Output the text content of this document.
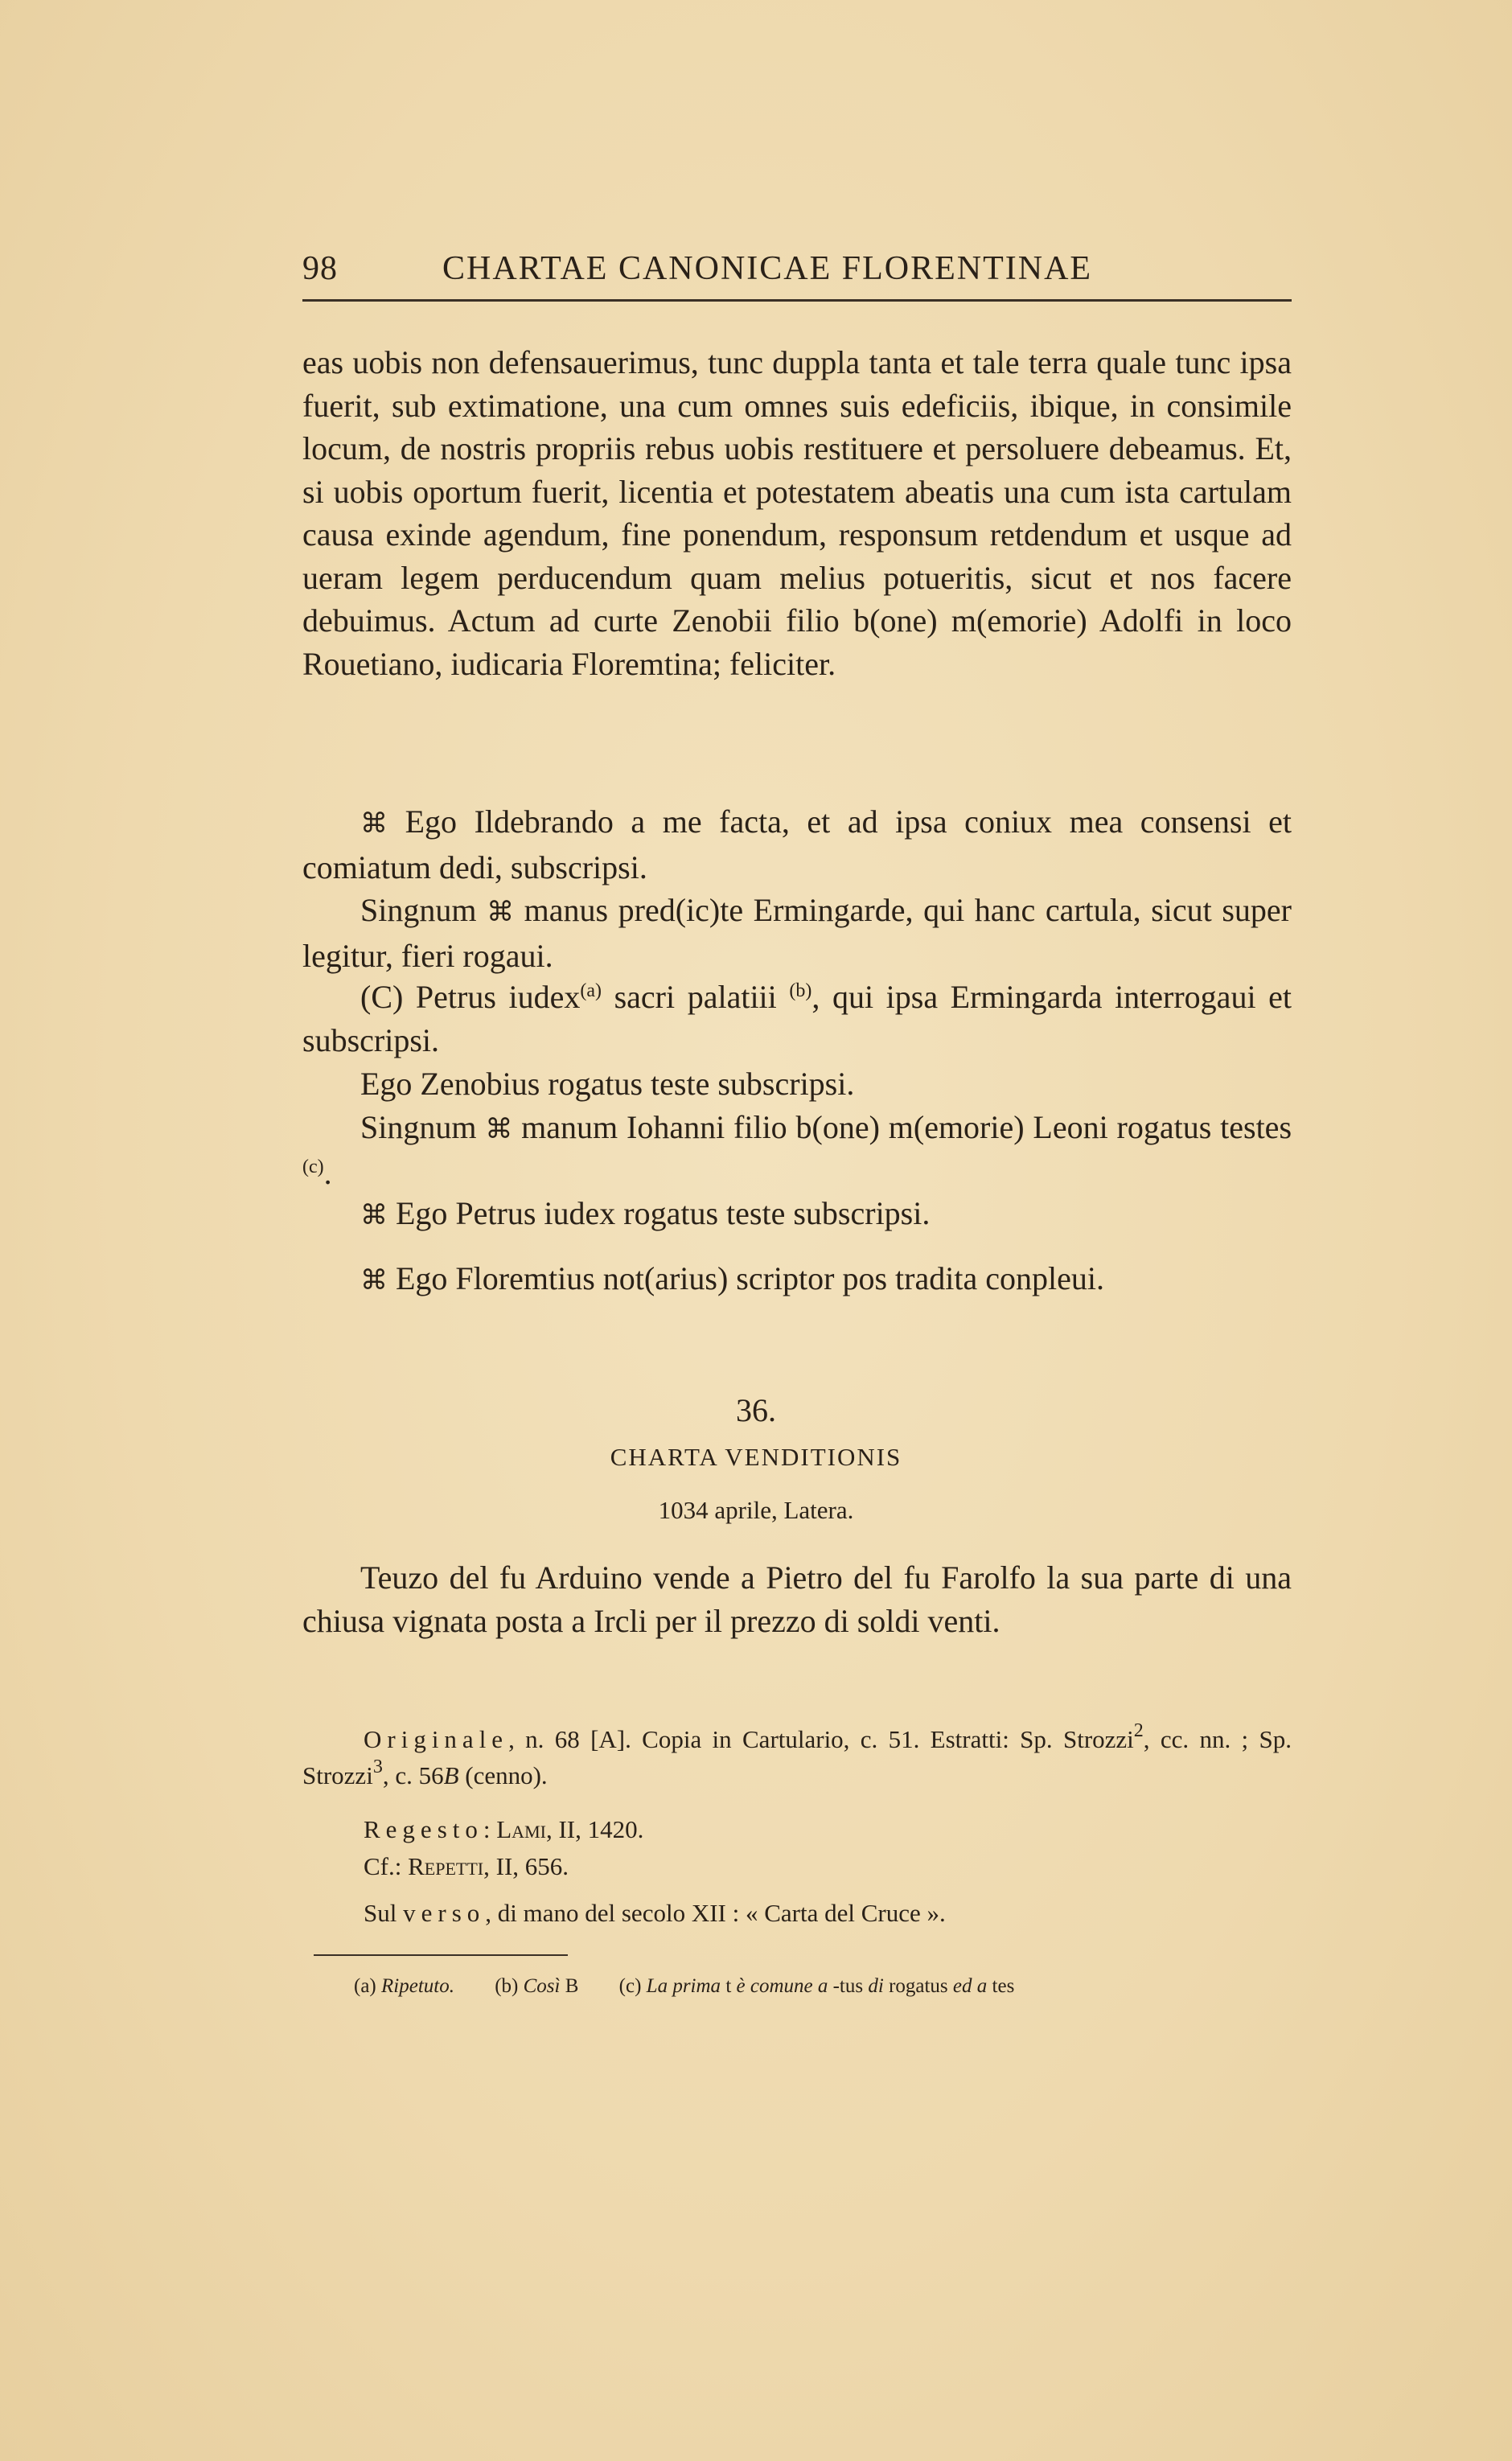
98	CHARTAE CANONICAE FLORENTINAE

eas uobis non defensauerimus, tunc duppla tanta et tale terra quale tunc ipsa fuerit, sub extimatione, una cum omnes suis edeficiis, ibique, in consimile locum, de nostris propriis rebus uobis restituere et persoluere debeamus. Et, si uobis oportum fuerit, licentia et potestatem abeatis una cum ista cartulam causa exinde agendum, fine ponendum, responsum retdendum et usque ad ueram legem perducendum quam melius potueritis, sicut et nos facere debuimus. Actum ad curte Zenobii filio b(one) m(emorie) Adolfi in loco Rouetiano, iudicaria Floremtina; feliciter.

⌘ Ego Ildebrando a me facta, et ad ipsa coniux mea consensi et comiatum dedi, subscripsi.

Singnum ⌘ manus pred(ic)te Ermingarde, qui hanc cartula, sicut super legitur, fieri rogaui.

(C) Petrus iudex$^{(a)}$ sacri palatiii $^{(b)}$, qui ipsa Ermingarda interrogaui et subscripsi.

Ego Zenobius rogatus teste subscripsi.

Singnum ⌘ manum Iohanni filio b(one) m(emorie) Leoni rogatus testes $^{(c)}$.

⌘ Ego Petrus iudex rogatus teste subscripsi.

⌘ Ego Floremtius not(arius) scriptor pos tradita conpleui.

36.
CHARTA VENDITIONIS
1034 aprile, Latera.
Teuzo del fu Arduino vende a Pietro del fu Farolfo la sua parte di una chiusa vignata posta a Ircli per il prezzo di soldi venti.

Originale, n. 68 [A]. Copia in Cartulario, c. 51. Estratti: Sp. Strozzi$^2$, cc. nn. ; Sp. Strozzi$^3$, c. 56B (cenno).

Regesto: Lami, II, 1420.

Cf.: Repetti, II, 656.

Sul verso, di mano del secolo XII : « Carta del Cruce ».

(a) Ripetuto. (b) Così B (c) La prima t è comune a -tus di rogatus ed a tes
